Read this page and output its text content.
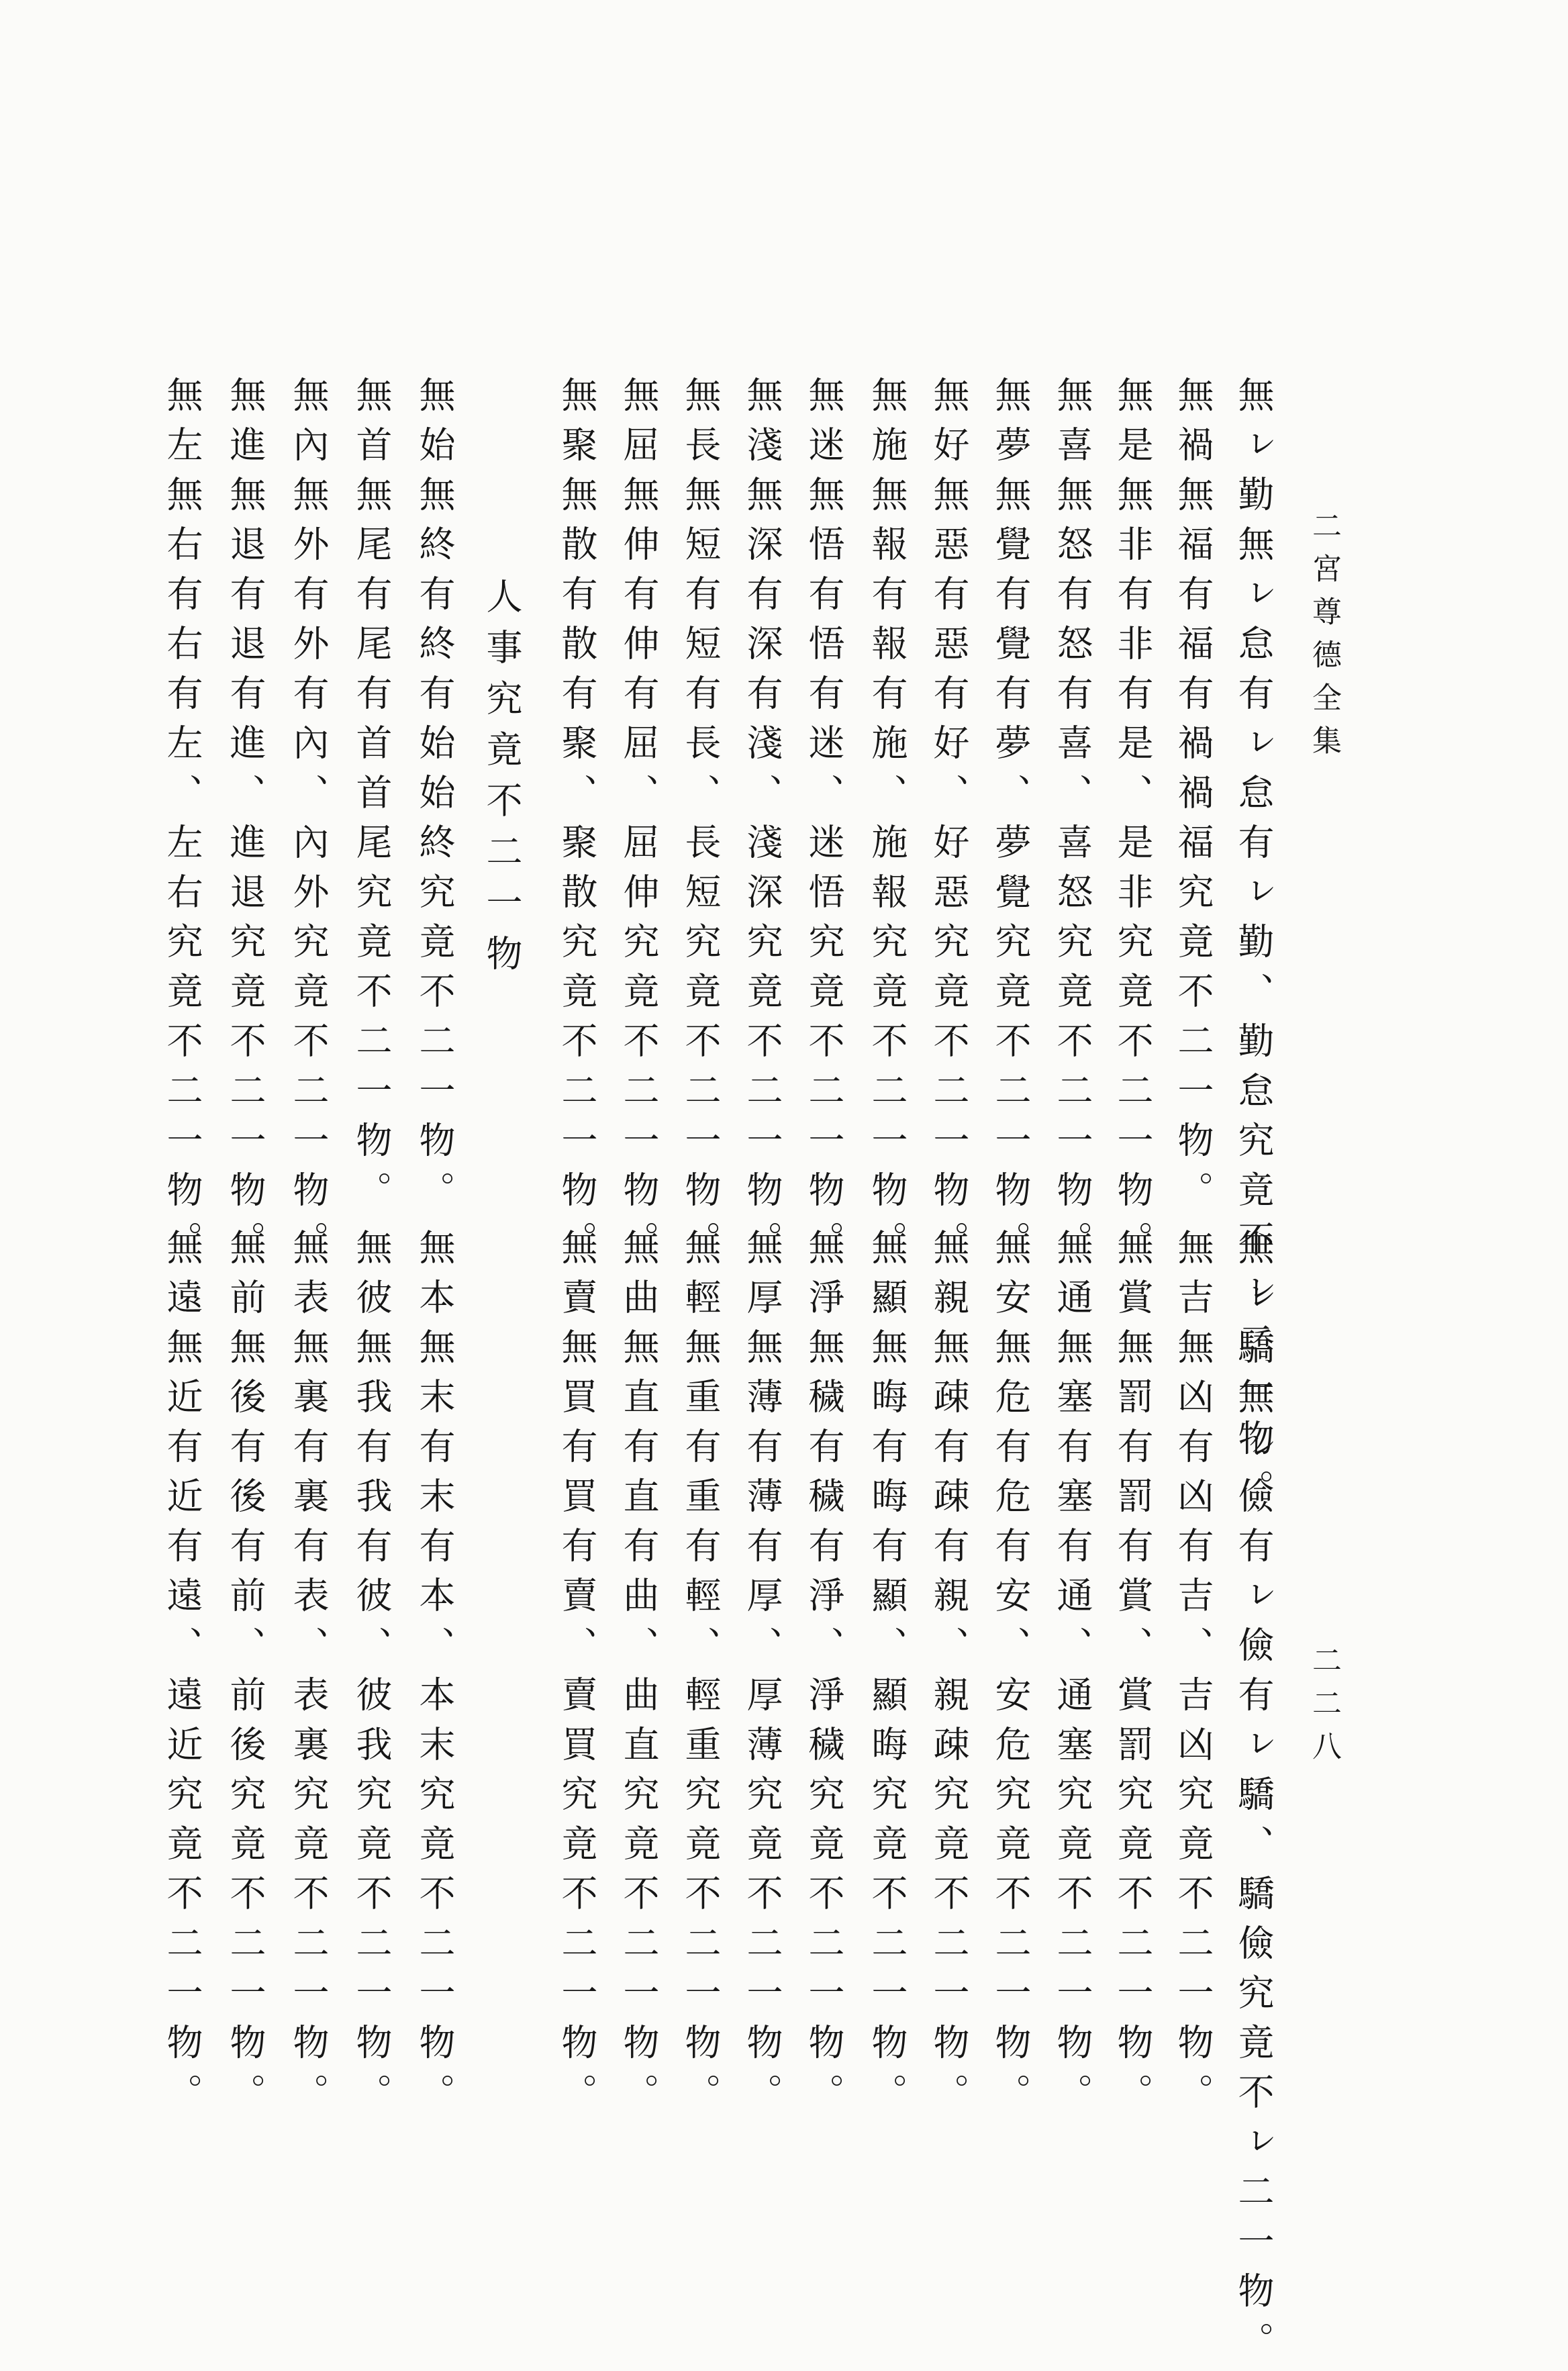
二宮尊德全集
二二八
無ㇾ勤無ㇾ怠有ㇾ怠有ㇾ勤、勤怠究竟不ㇾ二一物。
無禍無福有福有禍禍福究竟不二一物。
無是無非有非有是、是非究竟不二一物。
無喜無怒有怒有喜、喜怒究竟不二一物。
無夢無覺有覺有夢、夢覺究竟不二一物。
無好無惡有惡有好、好惡究竟不二一物。
無施無報有報有施、施報究竟不二一物。
無迷無悟有悟有迷、迷悟究竟不二一物。
無淺無深有深有淺、淺深究竟不二一物。
無長無短有短有長、長短究竟不二一物。
無屈無伸有伸有屈、屈伸究竟不二一物。
無聚無散有散有聚、聚散究竟不二一物。
人事究竟不二一物
無始無終有終有始始終究竟不二一物。
無首無尾有尾有首首尾究竟不二一物。
無內無外有外有內、內外究竟不二一物。
無進無退有退有進、進退究竟不二一物。
無左無右有右有左、左右究竟不二一物。
無ㇾ驕無ㇾ儉有ㇾ儉有ㇾ驕、驕儉究竟不ㇾ二一物。
無吉無凶有凶有吉、吉凶究竟不二一物。
無賞無罰有罰有賞、賞罰究竟不二一物。
無通無塞有塞有通、通塞究竟不二一物。
無安無危有危有安、安危究竟不二一物。
無親無疎有疎有親、親疎究竟不二一物。
無顯無晦有晦有顯、顯晦究竟不二一物。
無淨無穢有穢有淨、淨穢究竟不二一物。
無厚無薄有薄有厚、厚薄究竟不二一物。
無輕無重有重有輕、輕重究竟不二一物。
無曲無直有直有曲、曲直究竟不二一物。
無賣無買有買有賣、賣買究竟不二一物。
無本無末有末有本、本末究竟不二一物。
無彼無我有我有彼、彼我究竟不二一物。
無表無裏有裏有表、表裏究竟不二一物。
無前無後有後有前、前後究竟不二一物。
無遠無近有近有遠、遠近究竟不二一物。
